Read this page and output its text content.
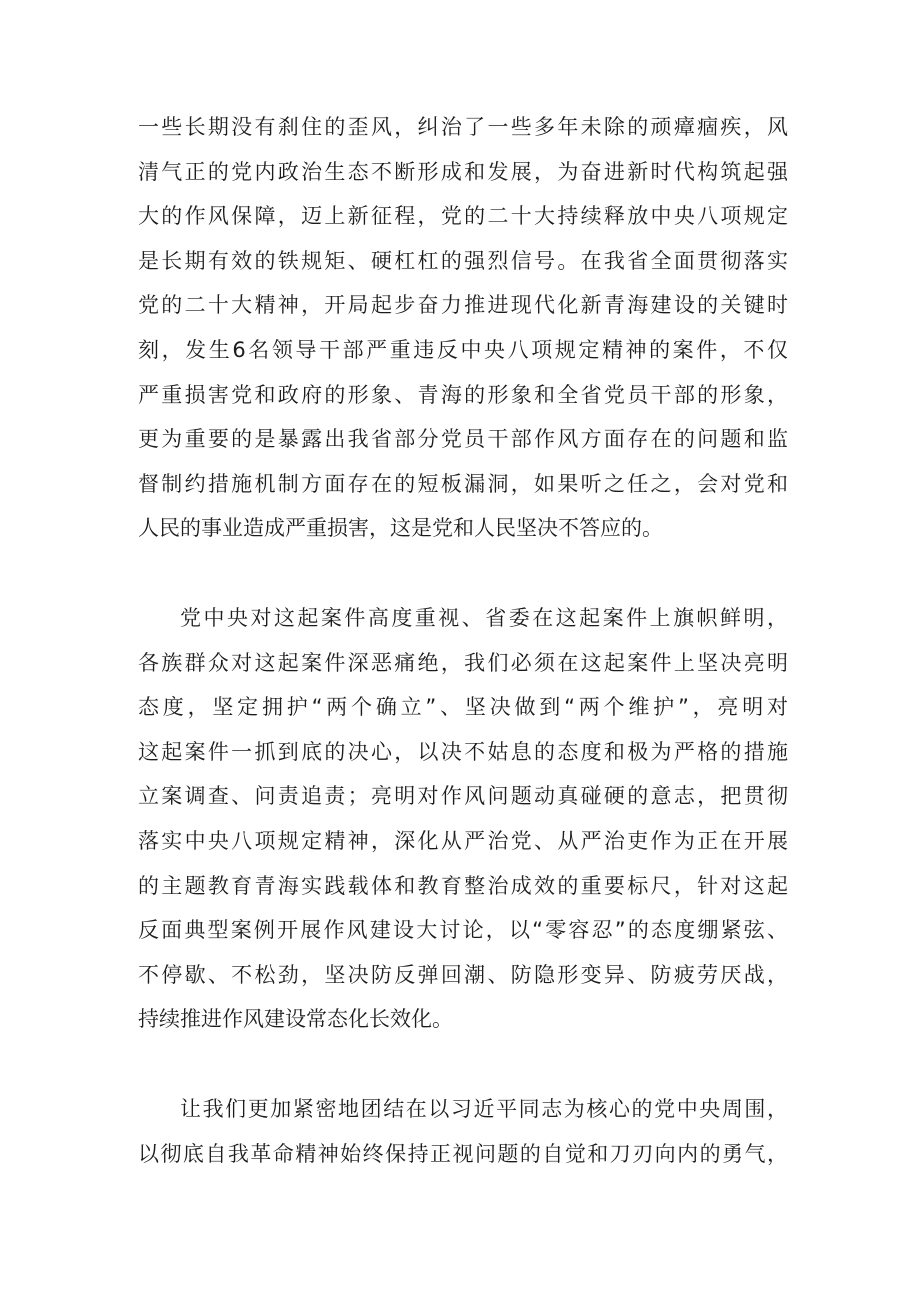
一些长期没有刹住的歪风，纠治了一些多年未除的顽瘴痼疾，风
清气正的党内政治生态不断形成和发展，为奋进新时代构筑起强
大的作风保障，迈上新征程，党的二十大持续释放中央八项规定
是长期有效的铁规矩、硬杠杠的强烈信号。在我省全面贯彻落实
党的二十大精神，开局起步奋力推进现代化新青海建设的关键时
刻，发生6名领导干部严重违反中央八项规定精神的案件，不仅
严重损害党和政府的形象、青海的形象和全省党员干部的形象，
更为重要的是暴露出我省部分党员干部作风方面存在的问题和监
督制约措施机制方面存在的短板漏洞，如果听之任之，会对党和
人民的事业造成严重损害，这是党和人民坚决不答应的。
党中央对这起案件高度重视、省委在这起案件上旗帜鲜明，
各族群众对这起案件深恶痛绝，我们必须在这起案件上坚决亮明
态度，坚定拥护“两个确立”、坚决做到“两个维护”，亮明对
这起案件一抓到底的决心，以决不姑息的态度和极为严格的措施
立案调查、问责追责；亮明对作风问题动真碰硬的意志，把贯彻
落实中央八项规定精神，深化从严治党、从严治吏作为正在开展
的主题教育青海实践载体和教育整治成效的重要标尺，针对这起
反面典型案例开展作风建设大讨论，以“零容忍”的态度绷紧弦、
不停歇、不松劲，坚决防反弹回潮、防隐形变异、防疲劳厌战，
持续推进作风建设常态化长效化。
让我们更加紧密地团结在以习近平同志为核心的党中央周围，
以彻底自我革命精神始终保持正视问题的自觉和刀刃向内的勇气，
